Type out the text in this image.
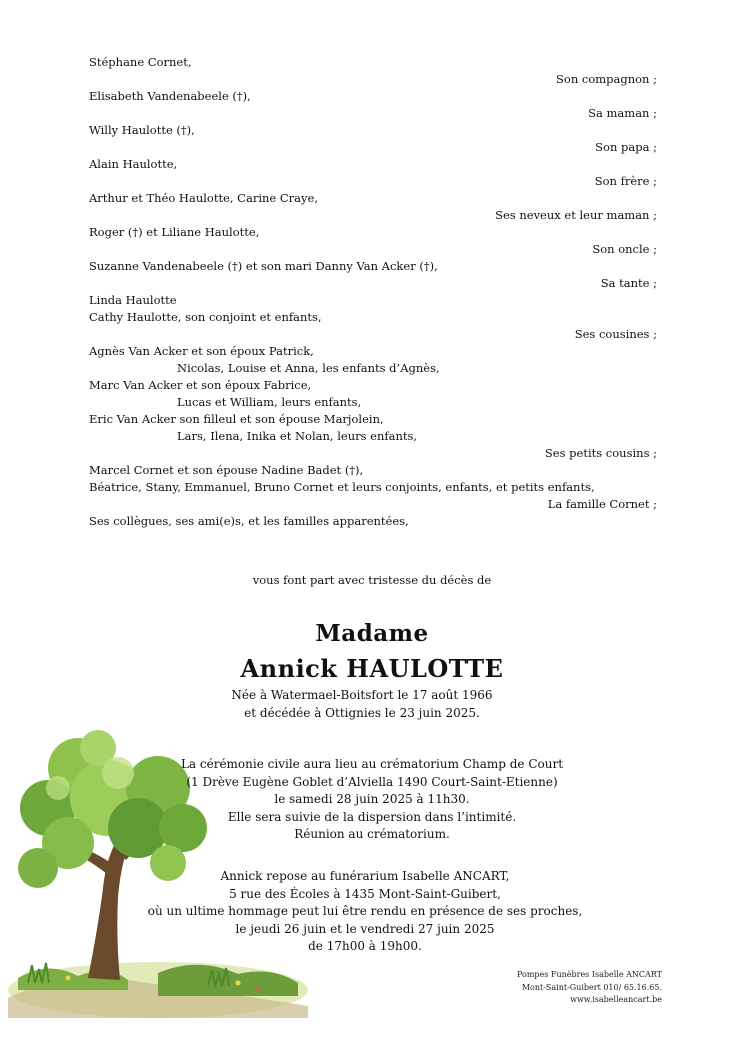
Stéphane Cornet,
Son compagnon ;
Elisabeth Vandenabeele (†),
Sa maman ;
Willy Haulotte (†),
Son papa ;
Alain Haulotte,
Son frère ;
Arthur et Théo Haulotte, Carine Craye,
Ses neveux et leur maman ;
Roger (†) et Liliane Haulotte,
Son oncle ;
Suzanne Vandenabeele (†) et son mari Danny Van Acker (†),
Sa tante ;
Linda Haulotte
Cathy Haulotte, son conjoint et enfants,
Ses cousines ;
Agnès Van Acker et son époux Patrick,
Nicolas, Louise et Anna, les enfants d’Agnès,
Marc Van Acker et son époux Fabrice,
Lucas et William, leurs enfants,
Eric Van Acker son filleul et son épouse Marjolein,
Lars, Ilena, Inika et Nolan, leurs enfants,
Ses petits cousins ;
Marcel Cornet et son épouse Nadine Badet (†),
Béatrice, Stany, Emmanuel, Bruno Cornet et leurs conjoints, enfants, et petits enfants,
La famille Cornet ;
Ses collègues, ses ami(e)s, et les familles apparentées,
vous font part avec tristesse du décès de
Madame
Annick HAULOTTE
Née à Watermael-Boitsfort le 17 août 1966
et décédée à Ottignies le 23 juin 2025.
La cérémonie civile aura lieu au crématorium Champ de Court
(1 Drève Eugène Goblet d’Alviella 1490 Court-Saint-Etienne)
le samedi 28 juin 2025 à 11h30.
Elle sera suivie de la dispersion dans l’intimité.
Réunion au crématorium.
Annick repose au funérarium Isabelle ANCART,
5 rue des Écoles à 1435 Mont-Saint-Guibert,
où un ultime hommage peut lui être rendu en présence de ses proches,
le jeudi 26 juin et le vendredi 27 juin 2025
de 17h00 à 19h00.
Pompes Funèbres Isabelle ANCART
Mont-Saint-Guibert 010/ 65.16.65.
www.isabelleancart.be
